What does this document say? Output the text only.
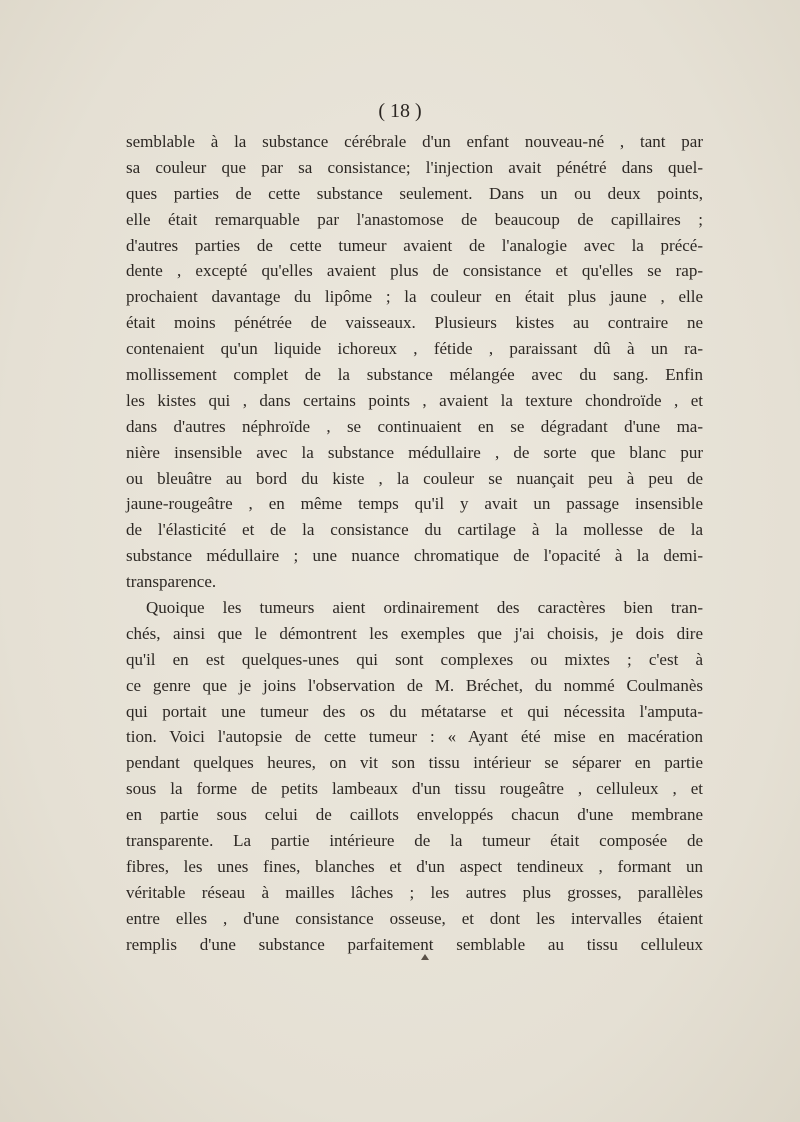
( 18 )
semblable à la substance cérébrale d'un enfant nouveau-né , tant par
sa couleur que par sa consistance; l'injection avait pénétré dans quel-
ques parties de cette substance seulement. Dans un ou deux points,
elle était remarquable par l'anastomose de beaucoup de capillaires ;
d'autres parties de cette tumeur avaient de l'analogie avec la précé-
dente , excepté qu'elles avaient plus de consistance et qu'elles se rap-
prochaient davantage du lipôme ; la couleur en était plus jaune , elle
était moins pénétrée de vaisseaux. Plusieurs kistes au contraire ne
contenaient qu'un liquide ichoreux , fétide , paraissant dû à un ra-
mollissement complet de la substance mélangée avec du sang. Enfin
les kistes qui , dans certains points , avaient la texture chondroïde , et
dans d'autres néphroïde , se continuaient en se dégradant d'une ma-
nière insensible avec la substance médullaire , de sorte que blanc pur
ou bleuâtre au bord du kiste , la couleur se nuançait peu à peu de
jaune-rougeâtre , en même temps qu'il y avait un passage insensible
de l'élasticité et de la consistance du cartilage à la mollesse de la
substance médullaire ; une nuance chromatique de l'opacité à la demi-
transparence.
Quoique les tumeurs aient ordinairement des caractères bien tran-
chés, ainsi que le démontrent les exemples que j'ai choisis, je dois dire
qu'il en est quelques-unes qui sont complexes ou mixtes ; c'est à
ce genre que je joins l'observation de M. Bréchet, du nommé Coulmanès
qui portait une tumeur des os du métatarse et qui nécessita l'amputa-
tion. Voici l'autopsie de cette tumeur : « Ayant été mise en macération
pendant quelques heures, on vit son tissu intérieur se séparer en partie
sous la forme de petits lambeaux d'un tissu rougeâtre , celluleux , et
en partie sous celui de caillots enveloppés chacun d'une membrane
transparente. La partie intérieure de la tumeur était composée de
fibres, les unes fines, blanches et d'un aspect tendineux , formant un
véritable réseau à mailles lâches ; les autres plus grosses, parallèles
entre elles , d'une consistance osseuse, et dont les intervalles étaient
remplis d'une substance parfaitement semblable au tissu celluleux
